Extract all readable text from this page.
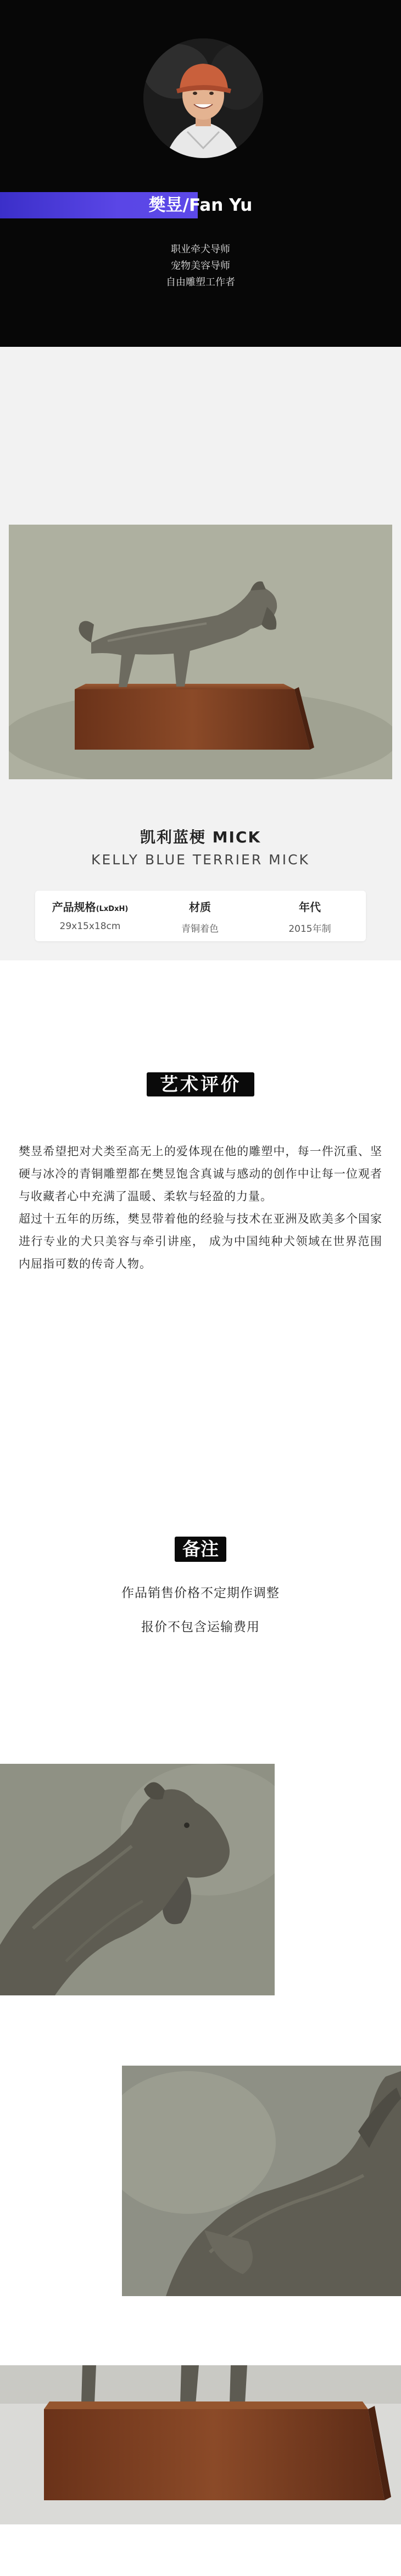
樊昱/Fan Yu
职业牵犬导师
宠物美容导师
自由雕塑工作者
凯利蓝梗 MICK
KELLY BLUE TERRIER MICK
产品规格(LxDxH)
29x15x18cm
材质
青铜着色
年代
2015年制
艺术评价

樊昱希望把对犬类至高无上的爱体现在他的雕塑中，每一件沉重、坚硬与冰冷的青铜雕塑都在樊昱饱含真诚与感动的创作中让每一位观者与收藏者心中充满了温暖、柔软与轻盈的力量。

超过十五年的历练，樊昱带着他的经验与技术在亚洲及欧美多个国家进行专业的犬只美容与牵引讲座， 成为中国纯种犬领域在世界范围内屈指可数的传奇人物。

备注
作品销售价格不定期作调整
报价不包含运输费用
